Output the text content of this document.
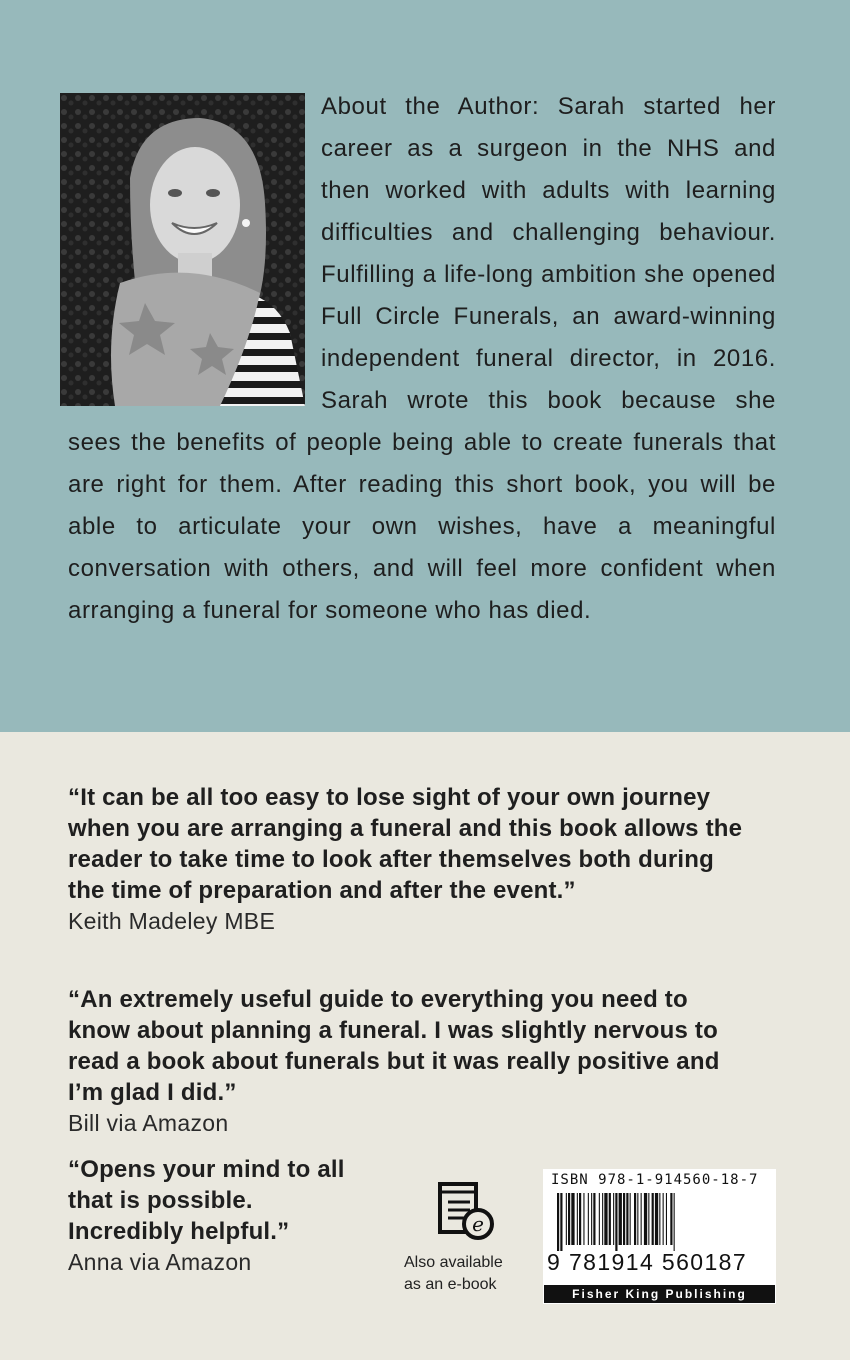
About the Author: Sarah started her career as a surgeon in the NHS and then worked with adults with learning difficulties and challenging behaviour. Fulfilling a life-long ambition she opened Full Circle Funerals, an award-winning independent funeral director, in 2016. Sarah wrote this book because she sees the benefits of people being able to create funerals that are right for them. After reading this short book, you will be able to articulate your own wishes, have a meaningful conversation with others, and will feel more confident when arranging a funeral for someone who has died.

“It can be all too easy to lose sight of your own journey when you are arranging a funeral and this book allows the reader to take time to look after themselves both during the time of preparation and after the event.”
Keith Madeley MBE
“An extremely useful guide to everything you need to know about planning a funeral. I was slightly nervous to read a book about funerals but it was really positive and I’m glad I did.”
Bill via Amazon
“Opens your mind to all that is possible. Incredibly helpful.”
Anna via Amazon
e
Also available
as an e-book
ISBN 978-1-914560-18-7
9 781914 560187
Fisher King Publishing
